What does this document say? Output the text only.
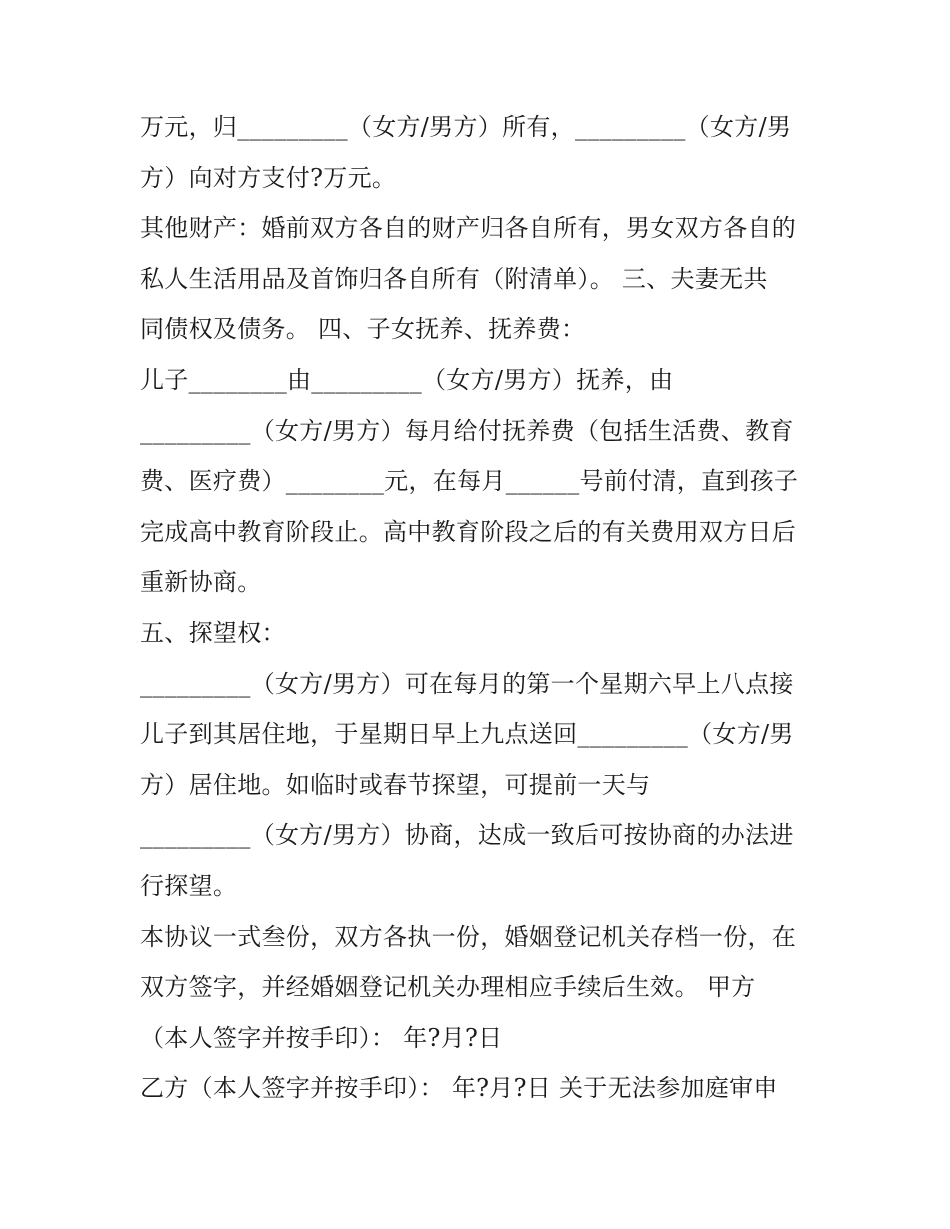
万元，归_________（女方/男方）所有，_________（女方/男
方）向对方支付?万元。
其他财产：婚前双方各自的财产归各自所有，男女双方各自的
私人生活用品及首饰归各自所有（附清单）。 三、夫妻无共
同债权及债务。 四、子女抚养、抚养费：
儿子________由_________（女方/男方）抚养，由
_________（女方/男方）每月给付抚养费（包括生活费、教育
费、医疗费）________元，在每月______号前付清，直到孩子
完成高中教育阶段止。高中教育阶段之后的有关费用双方日后
重新协商。
五、探望权：
_________（女方/男方）可在每月的第一个星期六早上八点接
儿子到其居住地，于星期日早上九点送回_________（女方/男
方）居住地。如临时或春节探望，可提前一天与
_________（女方/男方）协商，达成一致后可按协商的办法进
行探望。
本协议一式叁份，双方各执一份，婚姻登记机关存档一份，在
双方签字，并经婚姻登记机关办理相应手续后生效。 甲方
（本人签字并按手印）： 年?月?日
乙方（本人签字并按手印）： 年?月?日 关于无法参加庭审申
